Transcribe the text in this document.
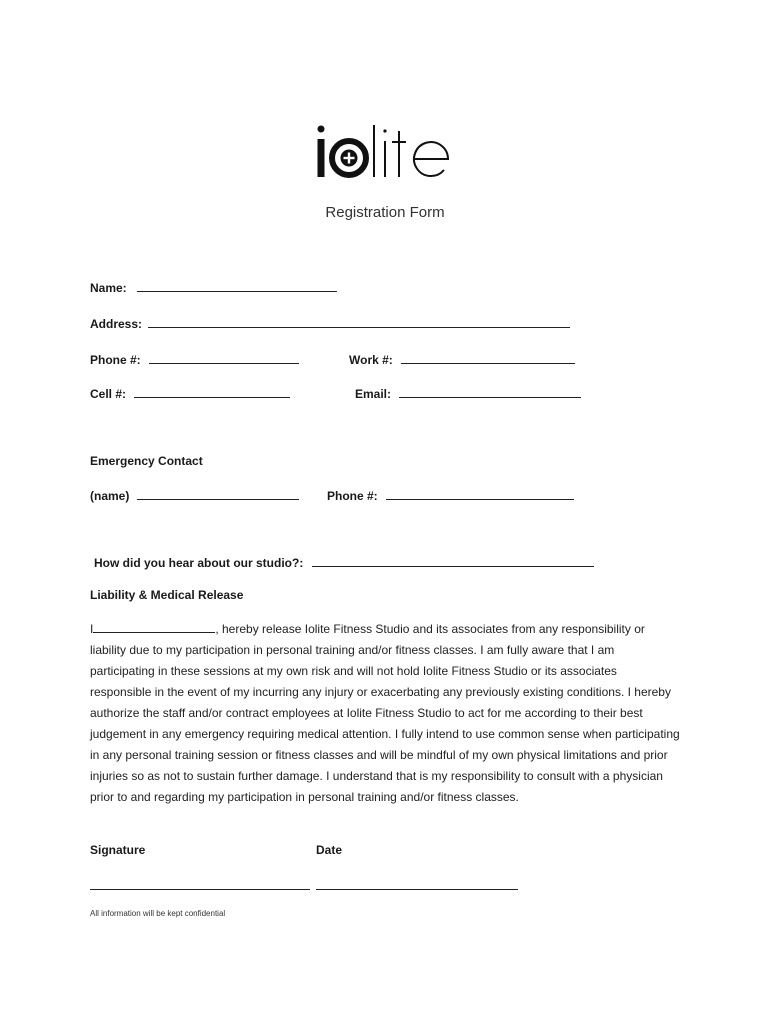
Registration Form
Name:
Address:
Phone #:	Work #:
Cell #:	Email:
Emergency Contact
(name)	Phone #:
How did you hear about our studio?:
Liability & Medical Release
I	, hereby release Iolite Fitness Studio and its associates from any responsibility or liability due to my participation in personal training and/or fitness classes. I am fully aware that I am participating in these sessions at my own risk and will not hold Iolite Fitness Studio or its associates responsible in the event of my incurring any injury or exacerbating any previously existing conditions. I hereby authorize the staff and/or contract employees at Iolite Fitness Studio to act for me according to their best judgement in any emergency requiring medical attention. I fully intend to use common sense when participating in any personal training session or fitness classes and will be mindful of my own physical limitations and prior injuries so as not to sustain further damage. I understand that is my responsibility to consult with a physician prior to and regarding my participation in personal training and/or fitness classes.
Signature	Date
All information will be kept confidential
